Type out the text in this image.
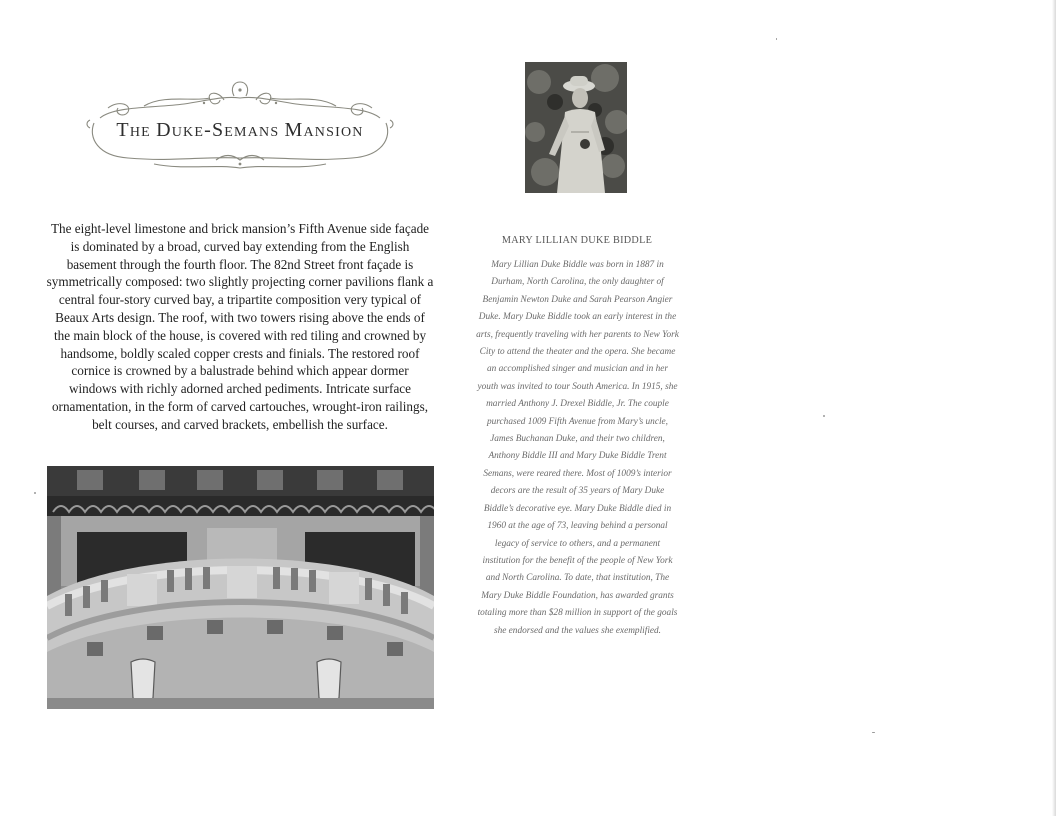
The Duke-Semans Mansion
The eight-level limestone and brick mansion’s Fifth Avenue side façade is dominated by a broad, curved bay extending from the English basement through the fourth floor. The 82nd Street front façade is symmetrically composed: two slightly projecting corner pavilions flank a central four-story curved bay, a tripartite composition very typical of Beaux Arts design. The roof, with two towers rising above the ends of the main block of the house, is covered with red tiling and crowned by handsome, boldly scaled copper crests and finials. The restored roof cornice is crowned by a balustrade behind which appear dormer windows with richly adorned arched pediments. Intricate surface ornamentation, in the form of carved cartouches, wrought-iron railings, belt courses, and carved brackets, embellish the surface.
MARY LILLIAN DUKE BIDDLE
Mary Lillian Duke Biddle was born in 1887 in Durham, North Carolina, the only daughter of Benjamin Newton Duke and Sarah Pearson Angier Duke. Mary Duke Biddle took an early interest in the arts, frequently traveling with her parents to New York City to attend the theater and the opera. She became an accomplished singer and musician and in her youth was invited to tour South America. In 1915, she married Anthony J. Drexel Biddle, Jr. The couple purchased 1009 Fifth Avenue from Mary’s uncle, James Buchanan Duke, and their two children, Anthony Biddle III and Mary Duke Biddle Trent Semans, were reared there. Most of 1009’s interior decors are the result of 35 years of Mary Duke Biddle’s decorative eye. Mary Duke Biddle died in 1960 at the age of 73, leaving behind a personal legacy of service to others, and a permanent institution for the benefit of the people of New York and North Carolina. To date, that institution, The Mary Duke Biddle Foundation, has awarded grants totaling more than $28 million in support of the goals she endorsed and the values she exemplified.
